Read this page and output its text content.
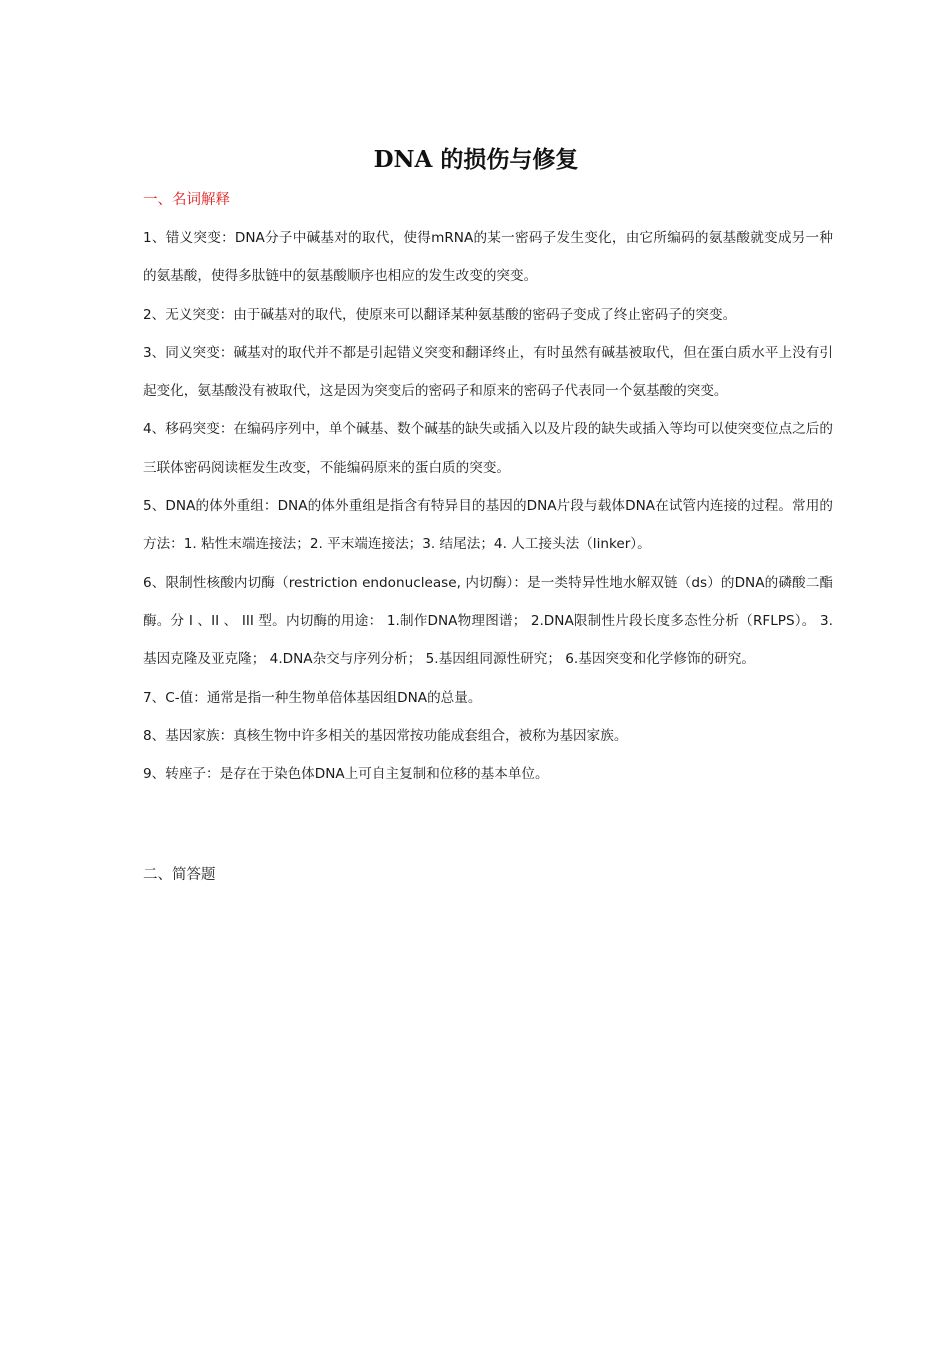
DNA 的损伤与修复
一、名词解释

1、错义突变：DNA分子中碱基对的取代，使得mRNA的某一密码子发生变化，由它所编码的氨基酸就变成另一种的氨基酸，使得多肽链中的氨基酸顺序也相应的发生改变的突变。

2、无义突变：由于碱基对的取代，使原来可以翻译某种氨基酸的密码子变成了终止密码子的突变。

3、同义突变：碱基对的取代并不都是引起错义突变和翻译终止，有时虽然有碱基被取代，但在蛋白质水平上没有引起变化，氨基酸没有被取代，这是因为突变后的密码子和原来的密码子代表同一个氨基酸的突变。

4、移码突变：在编码序列中，单个碱基、数个碱基的缺失或插入以及片段的缺失或插入等均可以使突变位点之后的三联体密码阅读框发生改变，不能编码原来的蛋白质的突变。

5、DNA的体外重组：DNA的体外重组是指含有特异目的基因的DNA片段与载体DNA在试管内连接的过程。常用的方法：1. 粘性末端连接法；2. 平末端连接法；3. 结尾法；4. 人工接头法（linker）。

6、限制性核酸内切酶（restriction endonuclease, 内切酶）：是一类特异性地水解双链（ds）的DNA的磷酸二酯酶。分 I 、II 、 III 型。内切酶的用途： 1.制作DNA物理图谱； 2.DNA限制性片段长度多态性分析（RFLPS）。 3.基因克隆及亚克隆； 4.DNA杂交与序列分析； 5.基因组同源性研究； 6.基因突变和化学修饰的研究。

7、C-值：通常是指一种生物单倍体基因组DNA的总量。

8、基因家族：真核生物中许多相关的基因常按功能成套组合，被称为基因家族。

9、转座子：是存在于染色体DNA上可自主复制和位移的基本单位。

二、简答题
